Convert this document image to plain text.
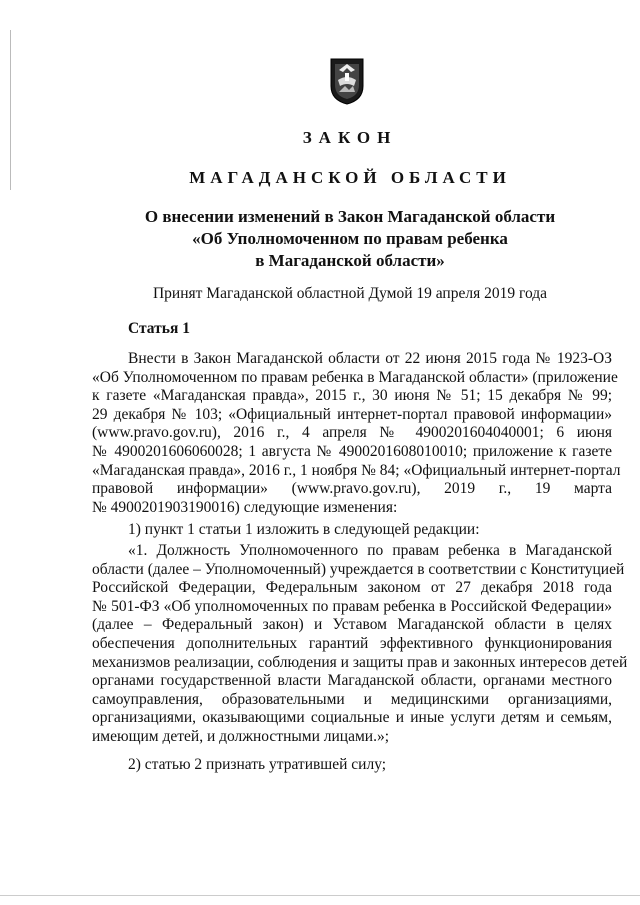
ЗАКОН
МАГАДАНСКОЙ ОБЛАСТИ
О внесении изменений в Закон Магаданской области
«Об Уполномоченном по правам ребенка
в Магаданской области»
Принят Магаданской областной Думой 19 апреля 2019 года
Статья 1
Внести в Закон Магаданской области от 22 июня 2015 года № 1923-ОЗ
«Об Уполномоченном по правам ребенка в Магаданской области» (приложение
к газете «Магаданская правда», 2015 г., 30 июня № 51; 15 декабря № 99;
29 декабря № 103; «Официальный интернет-портал правовой информации»
(www.pravo.gov.ru), 2016 г., 4 апреля № 4900201604040001; 6 июня
№ 4900201606060028; 1 августа № 4900201608010010; приложение к газете
«Магаданская правда», 2016 г., 1 ноября № 84; «Официальный интернет-портал
правовой информации» (www.pravo.gov.ru), 2019 г., 19 марта
№ 4900201903190016) следующие изменения:
1) пункт 1 статьи 1 изложить в следующей редакции:
«1. Должность Уполномоченного по правам ребенка в Магаданской
области (далее – Уполномоченный) учреждается в соответствии с Конституцией
Российской Федерации, Федеральным законом от 27 декабря 2018 года
№ 501-ФЗ «Об уполномоченных по правам ребенка в Российской Федерации»
(далее – Федеральный закон) и Уставом Магаданской области в целях
обеспечения дополнительных гарантий эффективного функционирования
механизмов реализации, соблюдения и защиты прав и законных интересов детей
органами государственной власти Магаданской области, органами местного
самоуправления, образовательными и медицинскими организациями,
организациями, оказывающими социальные и иные услуги детям и семьям,
имеющим детей, и должностными лицами.»;
2) статью 2 признать утратившей силу;
